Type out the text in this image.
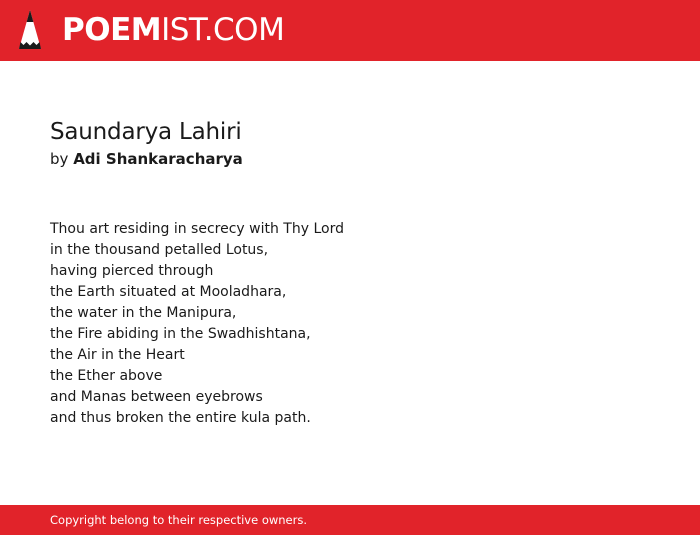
POEMIST.COM
Saundarya Lahiri
by Adi Shankaracharya
Thou art residing in secrecy with Thy Lord
in the thousand petalled Lotus,
having pierced through
the Earth situated at Mooladhara,
the water in the Manipura,
the Fire abiding in the Swadhishtana,
the Air in the Heart
the Ether above
and Manas between eyebrows
and thus broken the entire kula path.
Copyright belong to their respective owners.
